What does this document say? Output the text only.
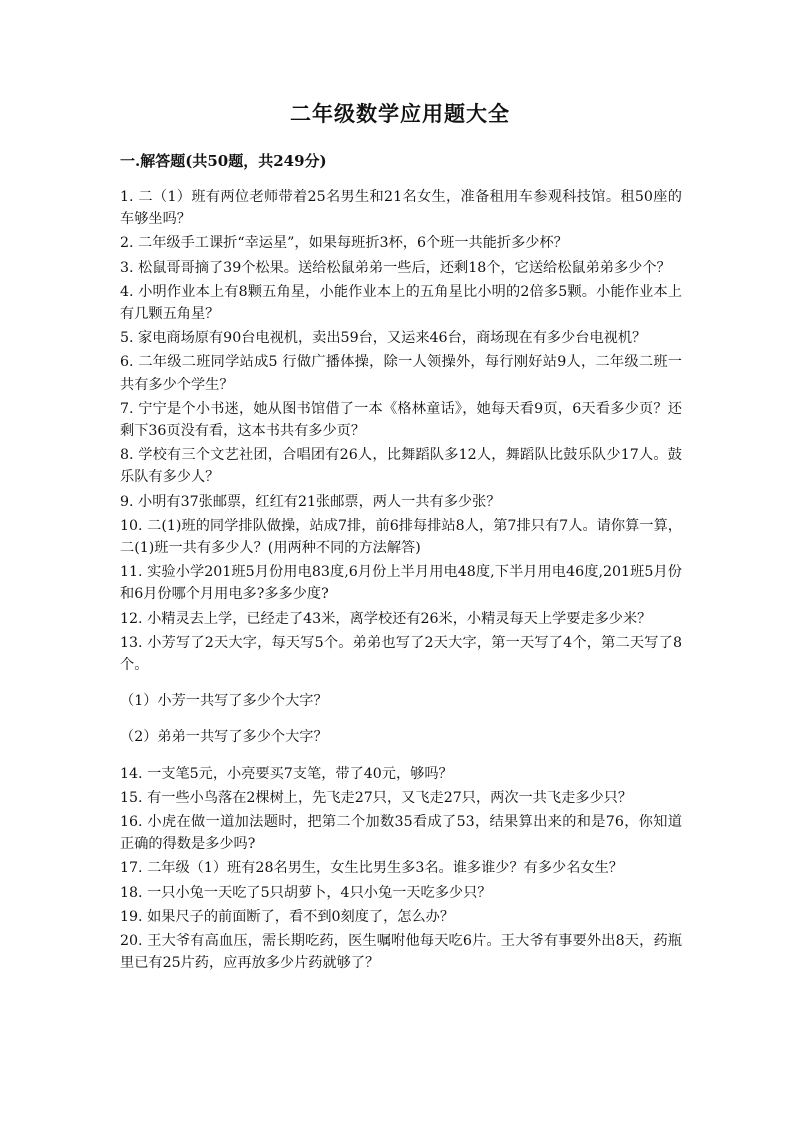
二年级数学应用题大全
一.解答题(共50题，共249分)

1. 二（1）班有两位老师带着25名男生和21名女生，准备租用车参观科技馆。租50座的车够坐吗？

2. 二年级手工课折“幸运星”，如果每班折3杯，6个班一共能折多少杯？

3. 松鼠哥哥摘了39个松果。送给松鼠弟弟一些后，还剩18个，它送给松鼠弟弟多少个？

4. 小明作业本上有8颗五角星，小能作业本上的五角星比小明的2倍多5颗。小能作业本上有几颗五角星？

5. 家电商场原有90台电视机，卖出59台，又运来46台，商场现在有多少台电视机？

6. 二年级二班同学站成5 行做广播体操，除一人领操外，每行刚好站9人，二年级二班一共有多少个学生？

7. 宁宁是个小书迷，她从图书馆借了一本《格林童话》，她每天看9页，6天看多少页？还剩下36页没有看，这本书共有多少页？

8. 学校有三个文艺社团，合唱团有26人，比舞蹈队多12人，舞蹈队比鼓乐队少17人。鼓乐队有多少人？

9. 小明有37张邮票，红红有21张邮票，两人一共有多少张？

10. 二(1)班的同学排队做操，站成7排，前6排每排站8人，第7排只有7人。请你算一算，二(1)班一共有多少人？(用两种不同的方法解答)

11. 实验小学201班5月份用电83度,6月份上半月用电48度,下半月用电46度,201班5月份和6月份哪个月用电多?多多少度?

12. 小精灵去上学，已经走了43米，离学校还有26米，小精灵每天上学要走多少米？

13. 小芳写了2天大字，每天写5个。弟弟也写了2天大字，第一天写了4个，第二天写了8个。

（1）小芳一共写了多少个大字？

（2）弟弟一共写了多少个大字？

14. 一支笔5元，小亮要买7支笔，带了40元，够吗？

15. 有一些小鸟落在2棵树上，先飞走27只，又飞走27只，两次一共飞走多少只？

16. 小虎在做一道加法题时，把第二个加数35看成了53，结果算出来的和是76，你知道正确的得数是多少吗?

17. 二年级（1）班有28名男生，女生比男生多3名。谁多谁少？有多少名女生？

18. 一只小兔一天吃了5只胡萝卜，4只小兔一天吃多少只？

19. 如果尺子的前面断了，看不到0刻度了，怎么办？

20. 王大爷有高血压，需长期吃药，医生嘱咐他每天吃6片。王大爷有事要外出8天，药瓶里已有25片药，应再放多少片药就够了？
